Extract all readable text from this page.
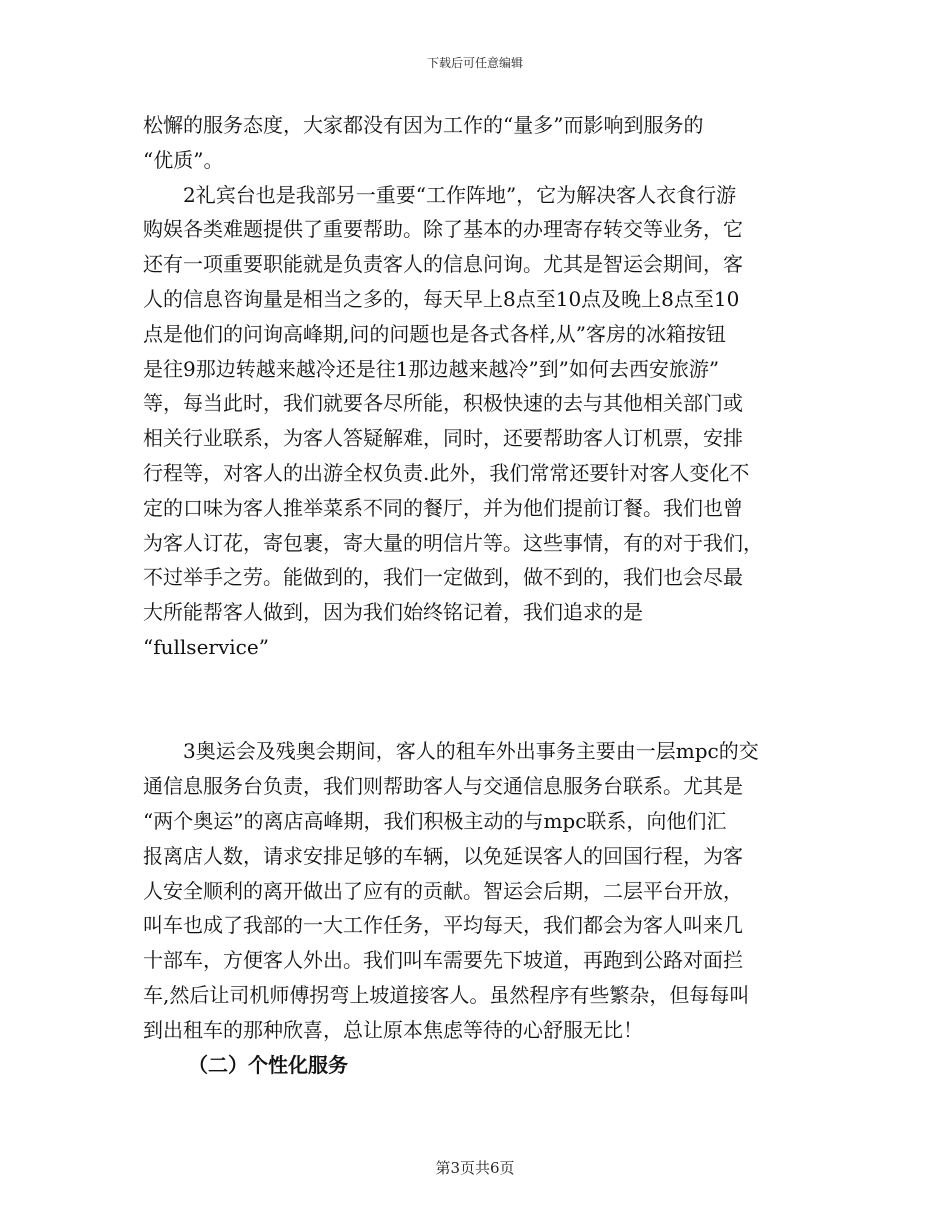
下载后可任意编辑
松懈的服务态度，大家都没有因为工作的“量多”而影响到服务的
“优质”。
　　2礼宾台也是我部另一重要“工作阵地”，它为解决客人衣食行游
购娱各类难题提供了重要帮助。除了基本的办理寄存转交等业务，它
还有一项重要职能就是负责客人的信息问询。尤其是智运会期间，客
人的信息咨询量是相当之多的，每天早上8点至10点及晚上8点至10
点是他们的问询高峰期,问的问题也是各式各样,从”客房的冰箱按钮
是往9那边转越来越冷还是往1那边越来越冷”到”如何去西安旅游”
等，每当此时，我们就要各尽所能，积极快速的去与其他相关部门或
相关行业联系，为客人答疑解难，同时，还要帮助客人订机票，安排
行程等，对客人的出游全权负责.此外，我们常常还要针对客人变化不
定的口味为客人推举菜系不同的餐厅，并为他们提前订餐。我们也曾
为客人订花，寄包裹，寄大量的明信片等。这些事情，有的对于我们，
不过举手之劳。能做到的，我们一定做到，做不到的，我们也会尽最
大所能帮客人做到，因为我们始终铭记着，我们追求的是
“fullservice”
　　3奥运会及残奥会期间，客人的租车外出事务主要由一层mpc的交
通信息服务台负责，我们则帮助客人与交通信息服务台联系。尤其是
“两个奥运”的离店高峰期，我们积极主动的与mpc联系，向他们汇
报离店人数，请求安排足够的车辆，以免延误客人的回国行程，为客
人安全顺利的离开做出了应有的贡献。智运会后期，二层平台开放，
叫车也成了我部的一大工作任务，平均每天，我们都会为客人叫来几
十部车，方便客人外出。我们叫车需要先下坡道，再跑到公路对面拦
车,然后让司机师傅拐弯上坡道接客人。虽然程序有些繁杂，但每每叫
到出租车的那种欣喜，总让原本焦虑等待的心舒服无比！
（二）个性化服务
第3页共6页
